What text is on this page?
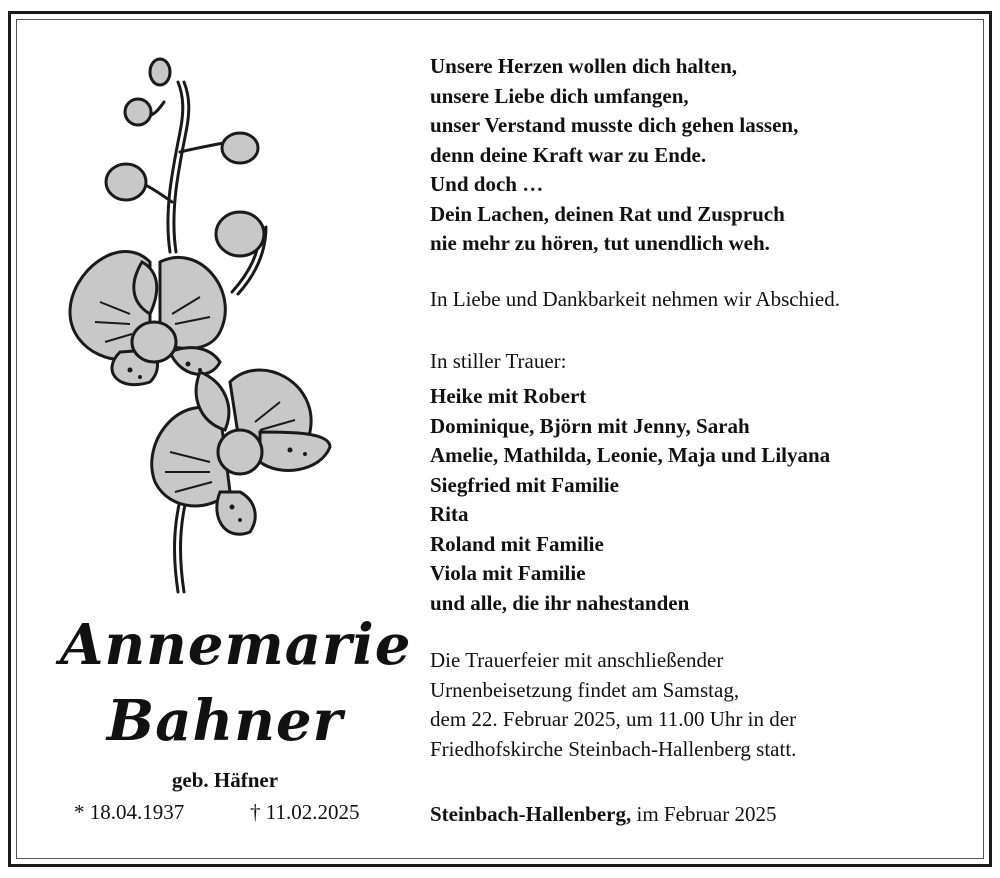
Annemarie
Bahner
geb. Häfner
* 18.04.1937	† 11.02.2025
Unsere Herzen wollen dich halten,
unsere Liebe dich umfangen,
unser Verstand musste dich gehen lassen,
denn deine Kraft war zu Ende.
Und doch …
Dein Lachen, deinen Rat und Zuspruch
nie mehr zu hören, tut unendlich weh.
In Liebe und Dankbarkeit nehmen wir Abschied.
In stiller Trauer:
Heike mit Robert
Dominique, Björn mit Jenny, Sarah
Amelie, Mathilda, Leonie, Maja und Lilyana
Siegfried mit Familie
Rita
Roland mit Familie
Viola mit Familie
und alle, die ihr nahestanden
Die Trauerfeier mit anschließender
Urnenbeisetzung findet am Samstag,
dem 22. Februar 2025, um 11.00 Uhr in der
Friedhofskirche Steinbach-Hallenberg statt.
Steinbach-Hallenberg, im Februar 2025
